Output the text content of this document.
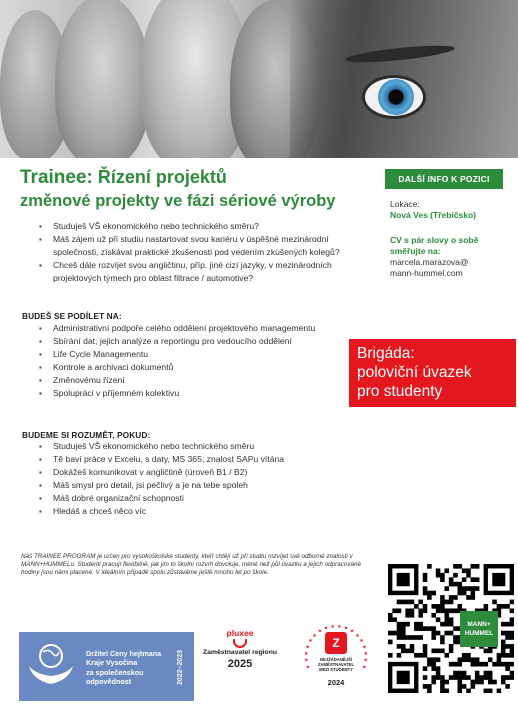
Trainee: Řízení projektů
změnové projekty ve fázi sériové výroby
DALŠÍ INFO K POZICI
Lokace:
Nová Ves (Třebíčsko)
CV s pár slovy o sobě směřujte na:
marcela.marazova@
mann-hummel.com
▪ Studuješ VŠ ekonomického nebo technického směru?
▪ Máš zájem už při studiu nastartovat svou kariéru v úspěšné mezinárodní společnosti, získávat praktické zkušenosti pod vedením zkušených kolegů?
▪ Chceš dále rozvíjet svou angličtinu, příp. jiné cizí jazyky, v mezinárodních projektových týmech pro oblast filtrace / automotive?
BUDEŠ SE PODÍLET NA:
▪ Administrativní podpoře celého oddělení projektového managementu
▪ Sbírání dat, jejich analýze a reportingu pro vedoucího oddělení
▪ Life Cycle Managementu
▪ Kontrole a archivaci dokumentů
▪ Změnovému řízení
▪ Spolupráci v příjemném kolektivu
Brigáda:
poloviční úvazek
pro studenty
BUDEME SI ROZUMĚT, POKUD:
▪ Studuješ VŠ ekonomického nebo technického směru
▪ Tě baví práce v Excelu, s daty, MS 365; znalost SAPu vítána
▪ Dokážeš komunikovat v angličtině (úroveň B1 / B2)
▪ Máš smysl pro detail, jsi pečlivý a je na tebe spoleh
▪ Máš dobré organizační schopnosti
▪ Hledáš a chceš něco víc
Náš TRAINEE PROGRAM je určen pro vysokoškolské studenty, kteří chtějí už při studiu rozvíjet své odborné znalosti v MANN+HUMMELu. Studenti pracují flexibilně, jak jim to školní rozvrh dovoluje, méně než půl úvazku a jejich odpracované hodiny jsou námi placené. V ideálním případě spolu zůstáváme ještě mnoho let po škole.
MANN+
HUMMEL
Držitel Ceny hejtmana
Kraje Vysočina
za společenskou
odpovědnost	2022–2023
pluxee
Zaměstnavatel regionu
2025	★
★
★
★
★
★
★ ★ ★ ★ ★ ★
★
★
★
★
★
★
Z
NEJŽÁDANĚJŠÍ
ZAMĚSTNAVATEL
MEZI STUDENTY
2024
